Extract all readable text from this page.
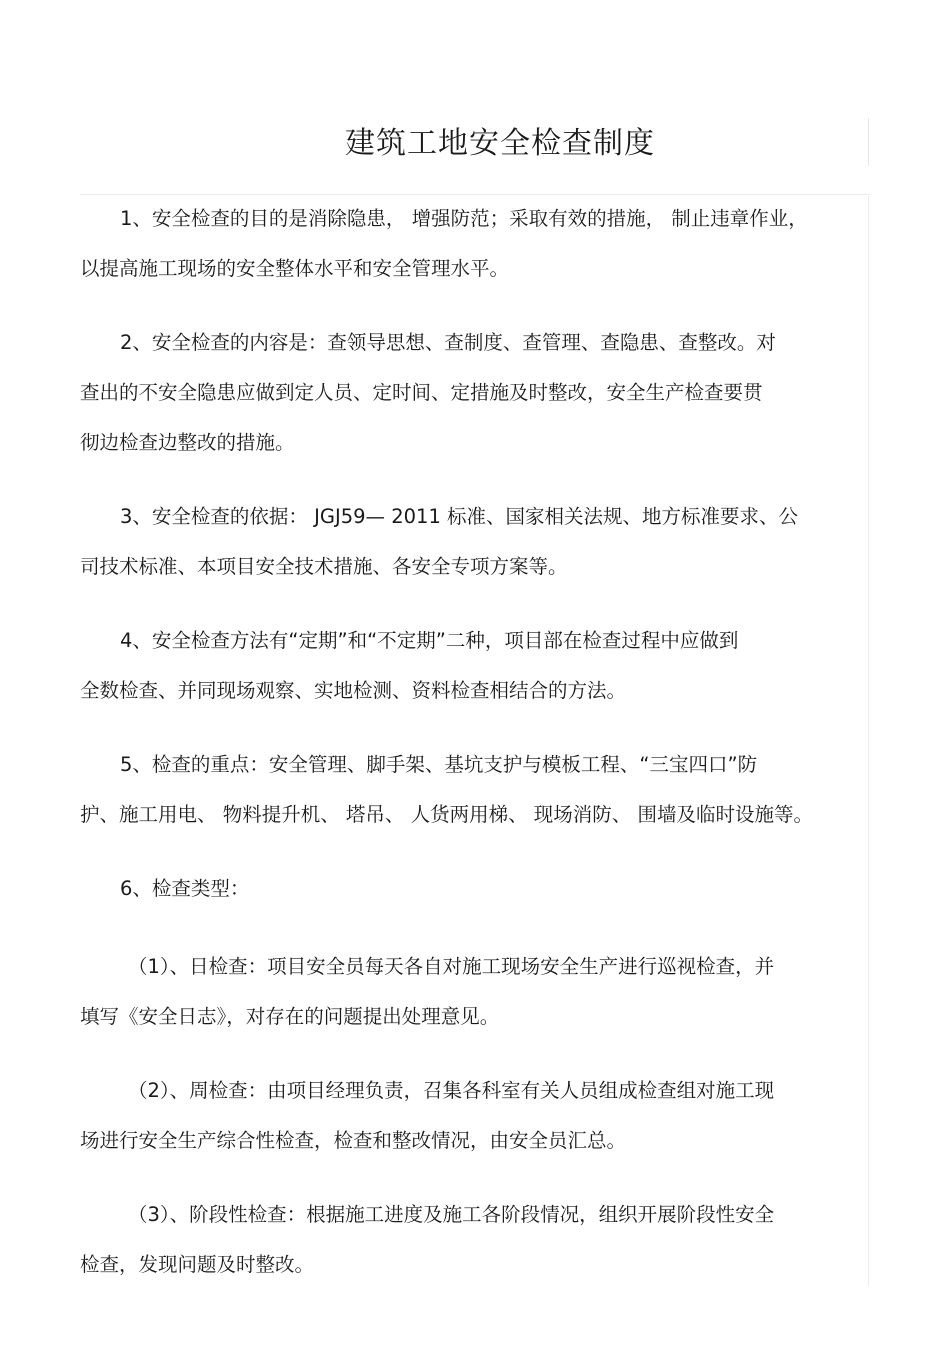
建筑工地安全检查制度

1、安全检查的目的是消除隐患， 增强防范；采取有效的措施， 制止违章作业，

以提高施工现场的安全整体水平和安全管理水平。

2、安全检查的内容是：查领导思想、查制度、查管理、查隐患、查整改。对

查出的不安全隐患应做到定人员、定时间、定措施及时整改，安全生产检查要贯

彻边检查边整改的措施。

3、安全检查的依据： JGJ59— 2011 标准、国家相关法规、地方标准要求、公

司技术标准、本项目安全技术措施、各安全专项方案等。

4、安全检查方法有“定期”和“不定期”二种，项目部在检查过程中应做到

全数检查、并同现场观察、实地检测、资料检查相结合的方法。

5、检查的重点：安全管理、脚手架、基坑支护与模板工程、“三宝四口”防

护、施工用电、 物料提升机、 塔吊、 人货两用梯、 现场消防、 围墙及临时设施等。

6、检查类型：

（1）、日检查：项目安全员每天各自对施工现场安全生产进行巡视检查，并

填写《安全日志》，对存在的问题提出处理意见。

（2）、周检查：由项目经理负责，召集各科室有关人员组成检查组对施工现

场进行安全生产综合性检查，检查和整改情况，由安全员汇总。

（3）、阶段性检查：根据施工进度及施工各阶段情况，组织开展阶段性安全

检查，发现问题及时整改。
